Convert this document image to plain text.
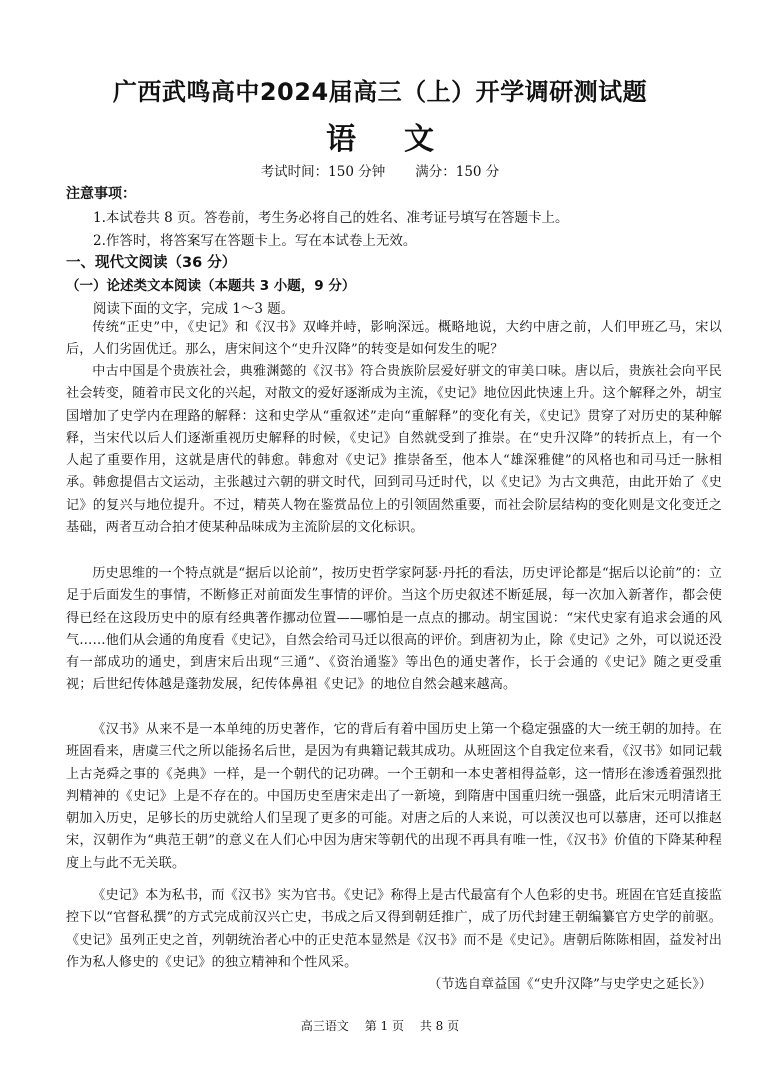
广西武鸣高中2024届高三（上）开学调研测试题
语 文
考试时间：150 分钟 满分：150 分
注意事项：
1.本试卷共 8 页。答卷前，考生务必将自己的姓名、准考证号填写在答题卡上。
2.作答时，将答案写在答题卡上。写在本试卷上无效。
一、现代文阅读（36 分）
（一）论述类文本阅读（本题共 3 小题，9 分）
阅读下面的文字，完成 1～3 题。
传统“正史”中，《史记》和《汉书》双峰并峙，影响深远。概略地说，大约中唐之前，人们甲班乙马，宋以后，人们劣固优迁。那么，唐宋间这个“史升汉降”的转变是如何发生的呢？
中古中国是个贵族社会，典雅渊懿的《汉书》符合贵族阶层爱好骈文的审美口味。唐以后，贵族社会向平民社会转变，随着市民文化的兴起，对散文的爱好逐渐成为主流，《史记》地位因此快速上升。这个解释之外，胡宝国增加了史学内在理路的解释：这和史学从“重叙述”走向“重解释”的变化有关，《史记》贯穿了对历史的某种解释，当宋代以后人们逐渐重视历史解释的时候，《史记》自然就受到了推崇。在“史升汉降”的转折点上，有一个人起了重要作用，这就是唐代的韩愈。韩愈对《史记》推崇备至，他本人“雄深雅健”的风格也和司马迁一脉相承。韩愈提倡古文运动，主张越过六朝的骈文时代，回到司马迁时代，以《史记》为古文典范，由此开始了《史记》的复兴与地位提升。不过，精英人物在鉴赏品位上的引领固然重要，而社会阶层结构的变化则是文化变迁之基础，两者互动合拍才使某种品味成为主流阶层的文化标识。
历史思维的一个特点就是“据后以论前”，按历史哲学家阿瑟·丹托的看法，历史评论都是“据后以论前”的：立足于后面发生的事情，不断修正对前面发生事情的评价。当这个历史叙述不断延展，每一次加入新著作，都会使得已经在这段历史中的原有经典著作挪动位置——哪怕是一点点的挪动。胡宝国说：“宋代史家有追求会通的风气……他们从会通的角度看《史记》，自然会给司马迁以很高的评价。到唐初为止，除《史记》之外，可以说还没有一部成功的通史，到唐宋后出现“三通”、《资治通鉴》等出色的通史著作，长于会通的《史记》随之更受重视；后世纪传体越是蓬勃发展，纪传体鼻祖《史记》的地位自然会越来越高。
《汉书》从来不是一本单纯的历史著作，它的背后有着中国历史上第一个稳定强盛的大一统王朝的加持。在班固看来，唐虞三代之所以能扬名后世，是因为有典籍记载其成功。从班固这个自我定位来看，《汉书》如同记载上古尧舜之事的《尧典》一样，是一个朝代的记功碑。一个王朝和一本史著相得益彰，这一情形在渗透着强烈批判精神的《史记》上是不存在的。中国历史至唐宋走出了一新境，到隋唐中国重归统一强盛，此后宋元明清诸王朝加入历史，足够长的历史就给人们呈现了更多的可能。对唐之后的人来说，可以羡汉也可以慕唐，还可以推赵宋，汉朝作为“典范王朝”的意义在人们心中因为唐宋等朝代的出现不再具有唯一性，《汉书》价值的下降某种程度上与此不无关联。
《史记》本为私书，而《汉书》实为官书。《史记》称得上是古代最富有个人色彩的史书。班固在官廷直接监控下以“官督私撰”的方式完成前汉兴亡史，书成之后又得到朝廷推广，成了历代封建王朝编纂官方史学的前驱。《史记》虽列正史之首，列朝统治者心中的正史范本显然是《汉书》而不是《史记》。唐朝后陈陈相固，益发衬出作为私人修史的《史记》的独立精神和个性风采。
（节选自章益国《“史升汉降”与史学史之延长》）
高三语文 第 1 页 共 8 页
